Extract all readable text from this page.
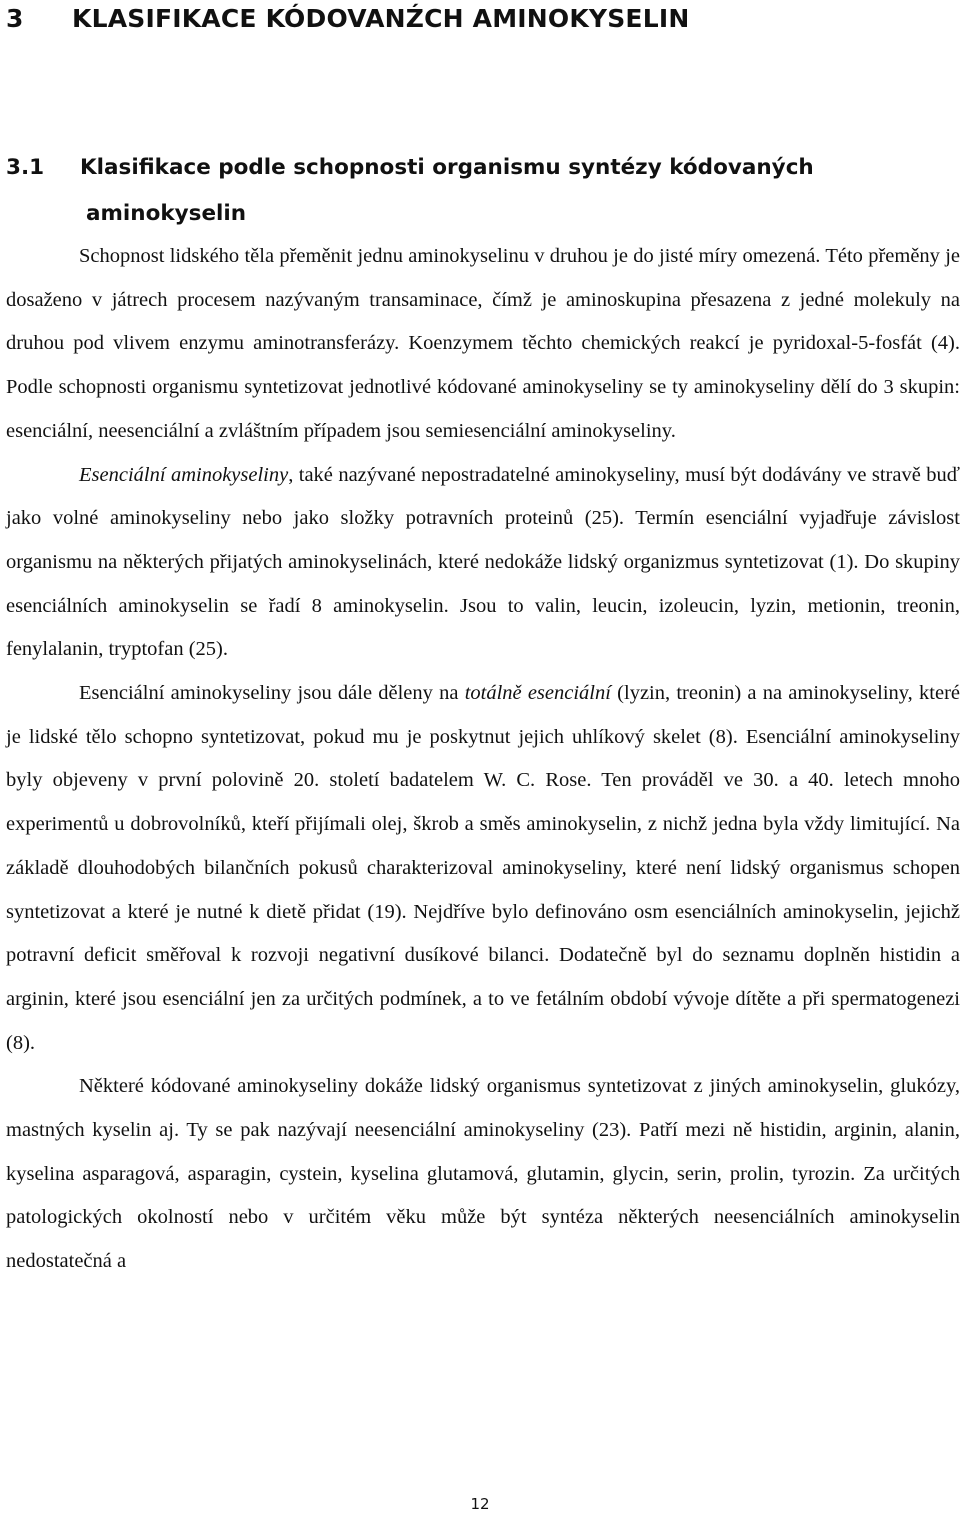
3 KLASIFIKACE KÓDOVANŹCH AMINOKYSELIN
3.1 Klasifikace podle schopnosti organismu syntézy kódovaných
aminokyselin

Schopnost lidského těla přeměnit jednu aminokyselinu v druhou je do jisté míry omezená. Této přeměny je dosaženo v játrech procesem nazývaným transaminace, čímž je aminoskupina přesazena z jedné molekuly na druhou pod vlivem enzymu aminotransferázy. Koenzymem těchto chemických reakcí je pyridoxal-5-fosfát (4). Podle schopnosti organismu syntetizovat jednotlivé kódované aminokyseliny se ty aminokyseliny dělí do 3 skupin: esenciální, neesenciální a zvláštním případem jsou semiesenciální aminokyseliny.

Esenciální aminokyseliny, také nazývané nepostradatelné aminokyseliny, musí být dodávány ve stravě buď jako volné aminokyseliny nebo jako složky potravních proteinů (25). Termín esenciální vyjadřuje závislost organismu na některých přijatých aminokyselinách, které nedokáže lidský organizmus syntetizovat (1). Do skupiny esenciálních aminokyselin se řadí 8 aminokyselin. Jsou to valin, leucin, izoleucin, lyzin, metionin, treonin, fenylalanin, tryptofan (25).

Esenciální aminokyseliny jsou dále děleny na totálně esenciální (lyzin, treonin) a na aminokyseliny, které je lidské tělo schopno syntetizovat, pokud mu je poskytnut jejich uhlíkový skelet (8). Esenciální aminokyseliny byly objeveny v první polovině 20. století badatelem W. C. Rose. Ten prováděl ve 30. a 40. letech mnoho experimentů u dobrovolníků, kteří přijímali olej, škrob a směs aminokyselin, z nichž jedna byla vždy limitující. Na základě dlouhodobých bilančních pokusů charakterizoval aminokyseliny, které není lidský organismus schopen syntetizovat a které je nutné k dietě přidat (19). Nejdříve bylo definováno osm esenciálních aminokyselin, jejichž potravní deficit směřoval k rozvoji negativní dusíkové bilanci. Dodatečně byl do seznamu doplněn histidin a arginin, které jsou esenciální jen za určitých podmínek, a to ve fetálním období vývoje dítěte a při spermatogenezi (8).

Některé kódované aminokyseliny dokáže lidský organismus syntetizovat z jiných aminokyselin, glukózy, mastných kyselin aj. Ty se pak nazývají neesenciální aminokyseliny (23). Patří mezi ně histidin, arginin, alanin, kyselina asparagová, asparagin, cystein, kyselina glutamová, glutamin, glycin, serin, prolin, tyrozin. Za určitých patologických okolností nebo v určitém věku může být syntéza některých neesenciálních aminokyselin nedostatečná a

12
